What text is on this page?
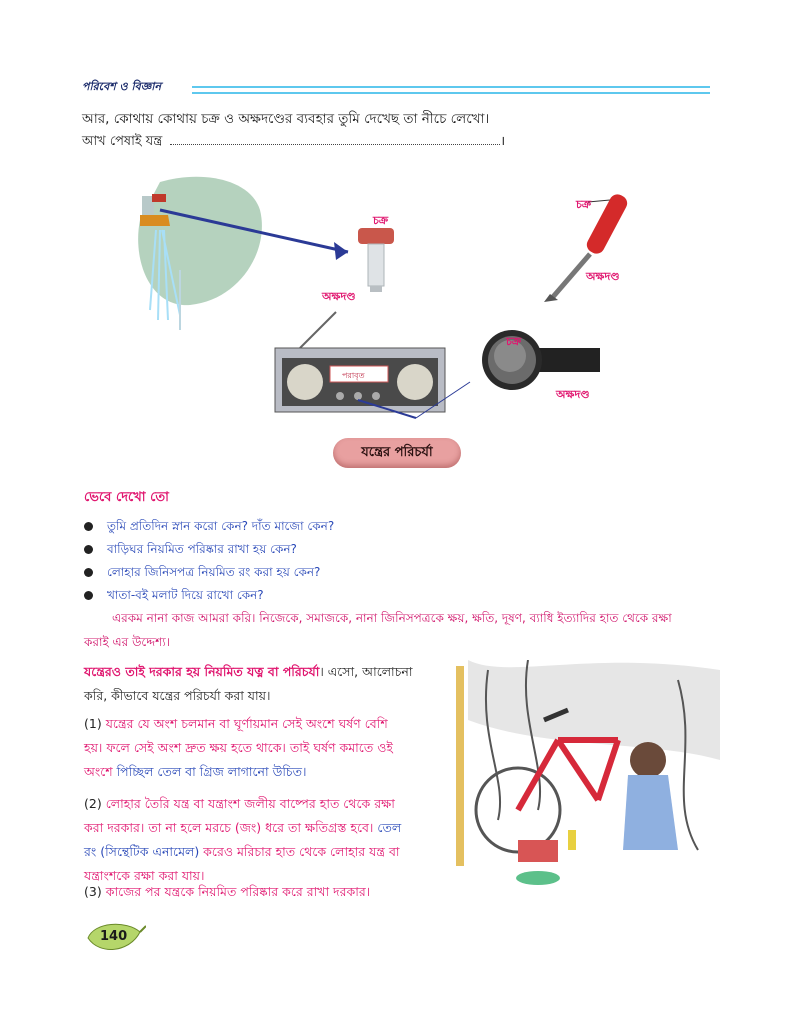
পরিবেশ ও বিজ্ঞান
আর, কোথায় কোথায় চক্র ও অক্ষদণ্ডের ব্যবহার তুমি দেখেছ তা নীচে লেখো।
আখ পেষাই যন্ত্র	।
পরাবৃত
চক্র
অক্ষদণ্ড
চক্র
অক্ষদণ্ড
চক্র
অক্ষদণ্ড
যন্ত্রের পরিচর্যা
ভেবে দেখো তো
তুমি প্রতিদিন স্নান করো কেন? দাঁত মাজো কেন?
বাড়িঘর নিয়মিত পরিষ্কার রাখা হয় কেন?
লোহার জিনিসপত্র নিয়মিত রং করা হয় কেন?
খাতা-বই মলাট দিয়ে রাখো কেন?
এরকম নানা কাজ আমরা করি। নিজেকে, সমাজকে, নানা জিনিসপত্রকে ক্ষয়, ক্ষতি, দূষণ, ব্যাধি ইত্যাদির হাত থেকে রক্ষা
করাই এর উদ্দেশ্য।
যন্ত্রেরও তাই দরকার হয় নিয়মিত যত্ন বা পরিচর্যা। এসো, আলোচনা
করি, কীভাবে যন্ত্রের পরিচর্যা করা যায়।
(1) যন্ত্রের যে অংশ চলমান বা ঘূর্ণায়মান সেই অংশে ঘর্ষণ বেশি
হয়। ফলে সেই অংশ দ্রুত ক্ষয় হতে থাকে। তাই ঘর্ষণ কমাতে ওই
অংশে পিচ্ছিল তেল বা গ্রিজ লাগানো উচিত।
(2) লোহার তৈরি যন্ত্র বা যন্ত্রাংশ জলীয় বাষ্পের হাত থেকে রক্ষা
করা দরকার। তা না হলে মরচে (জং) ধরে তা ক্ষতিগ্রস্ত হবে। তেল
রং (সিন্থেটিক এনামেল) করেও মরিচার হাত থেকে লোহার যন্ত্র বা
যন্ত্রাংশকে রক্ষা করা যায়।
(3) কাজের পর যন্ত্রকে নিয়মিত পরিষ্কার করে রাখা দরকার।
140
